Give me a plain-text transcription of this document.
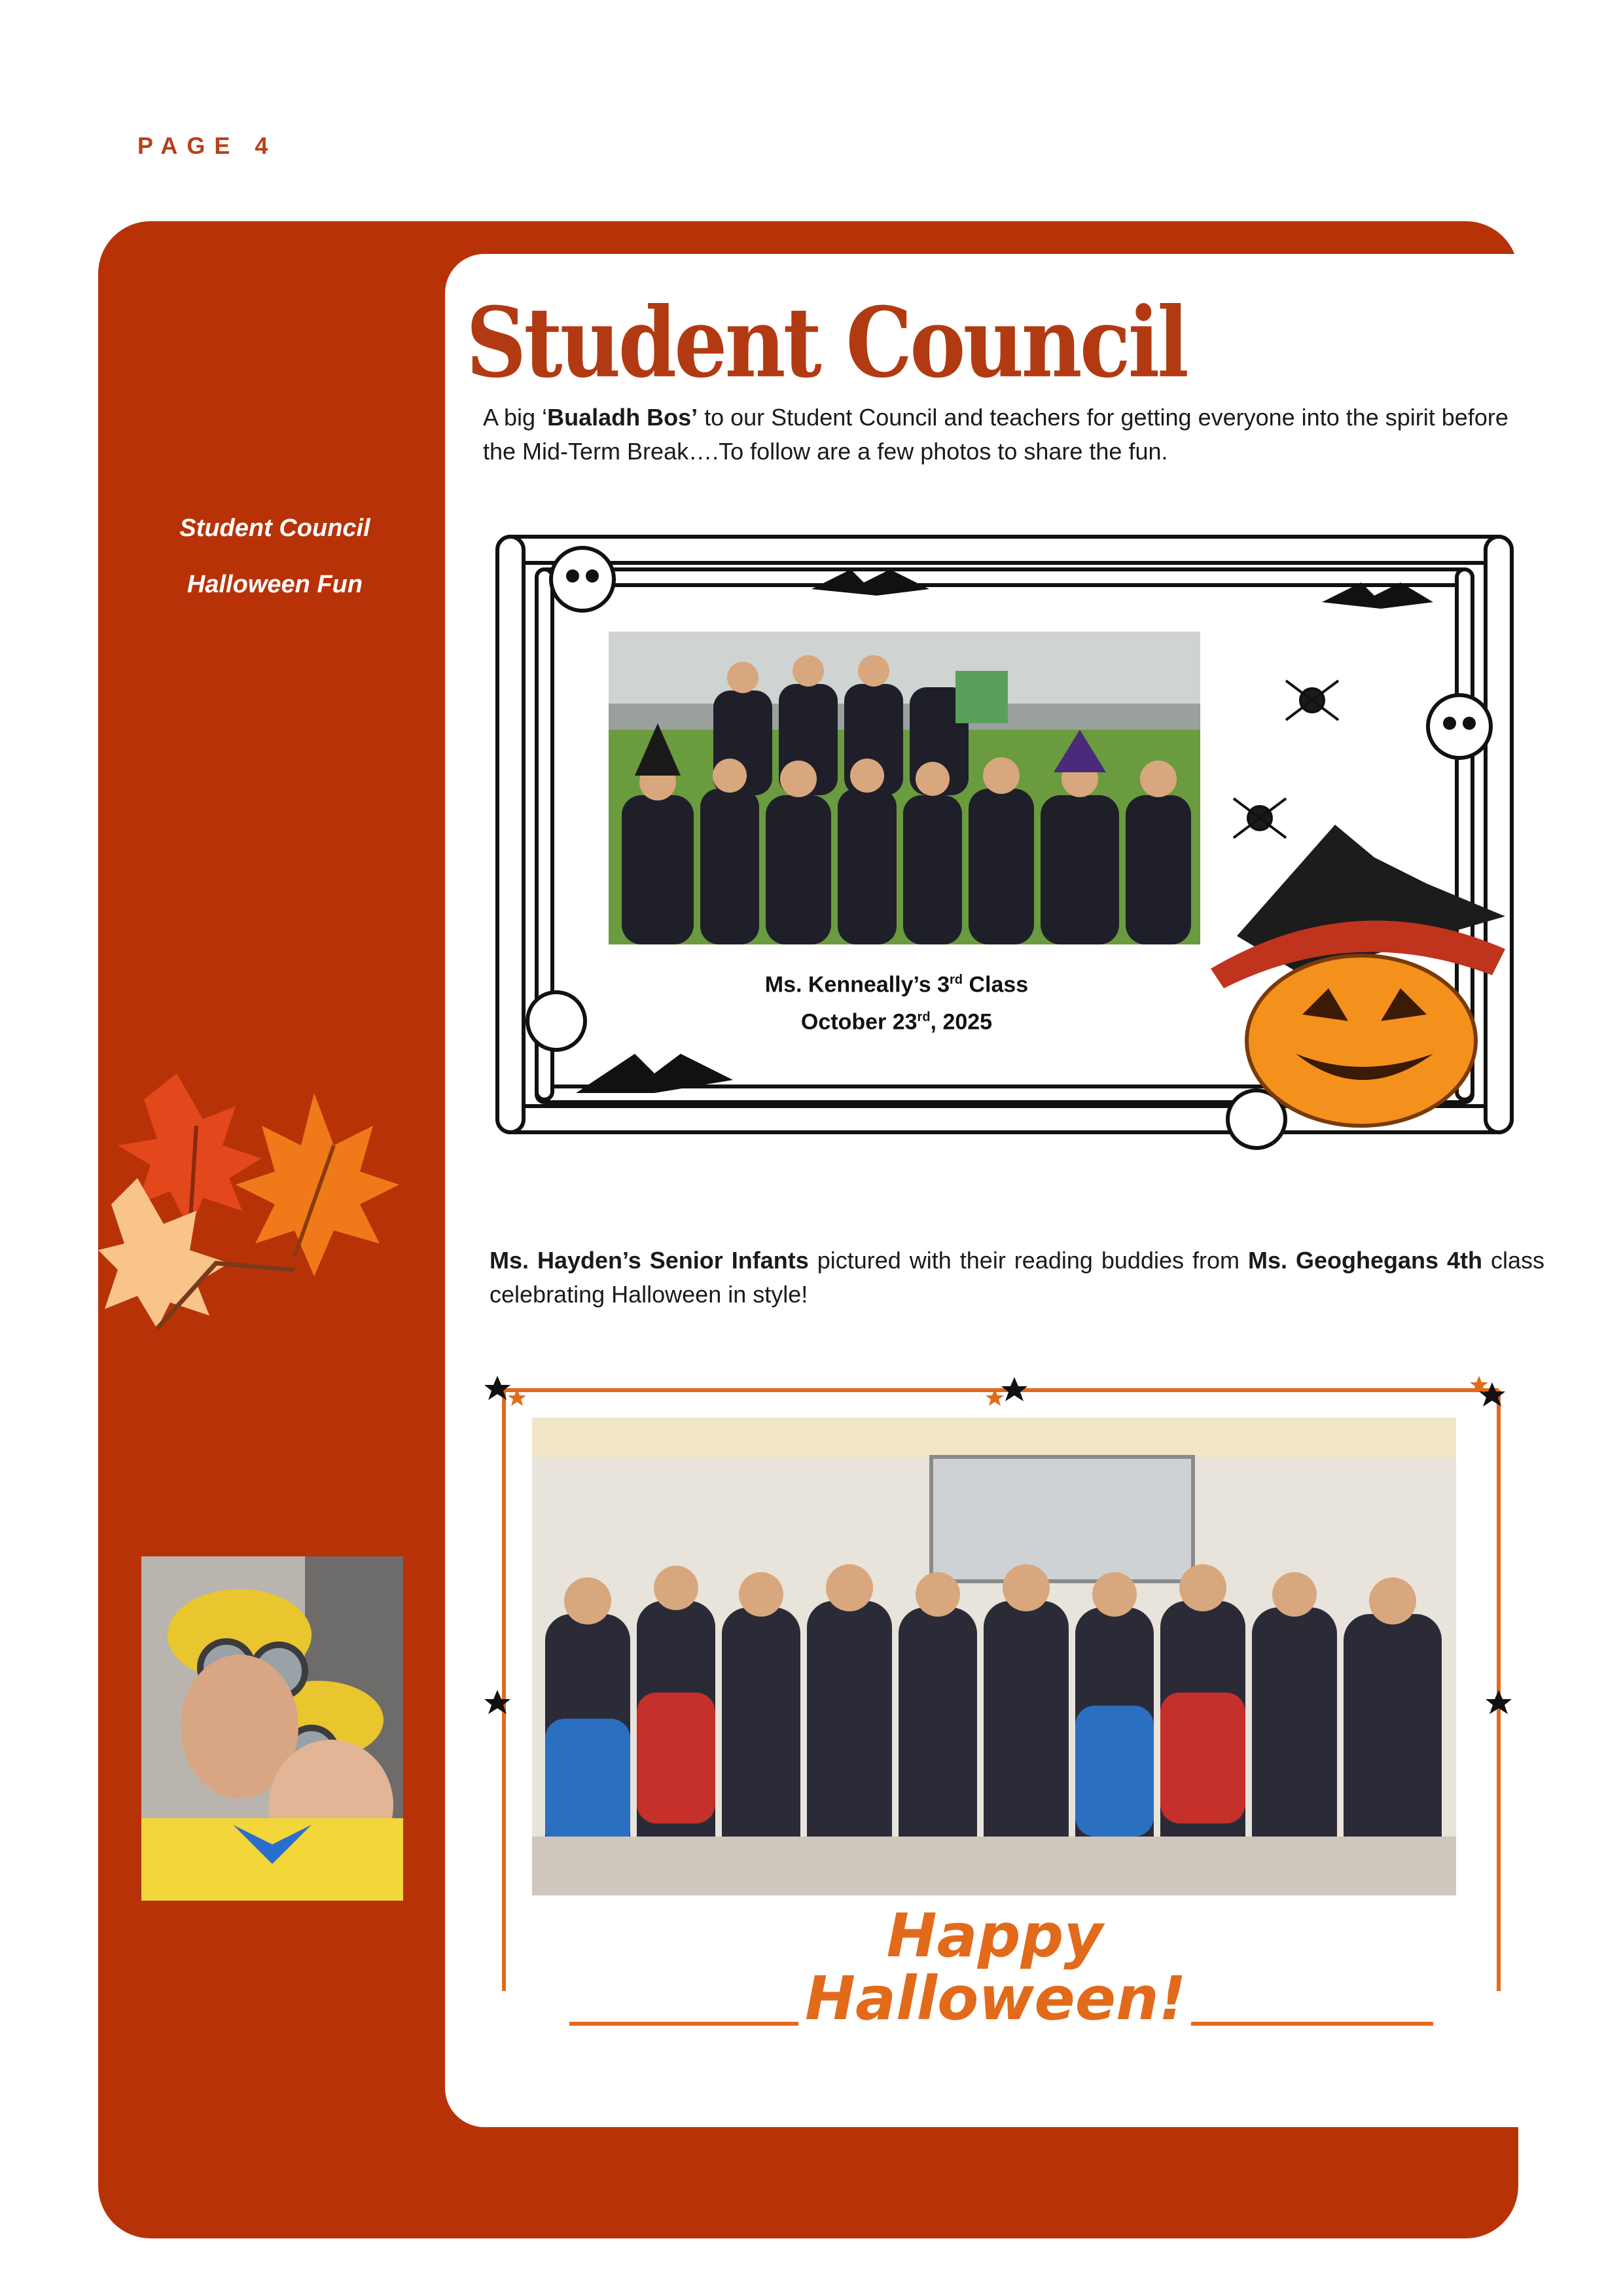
PAGE 4
Student Council
A big ‘Bualadh Bos’ to our Student Council and teachers for getting everyone into the spirit before the Mid-Term Break….To follow are a few photos to share the fun.
Student Council
Halloween Fun
Ms. Kenneally’s 3rd Class
October 23rd, 2025
Ms. Hayden’s Senior Infants pictured with their reading buddies from Ms. Geoghegans 4th class celebrating Halloween in style!
Happy
Halloween!
